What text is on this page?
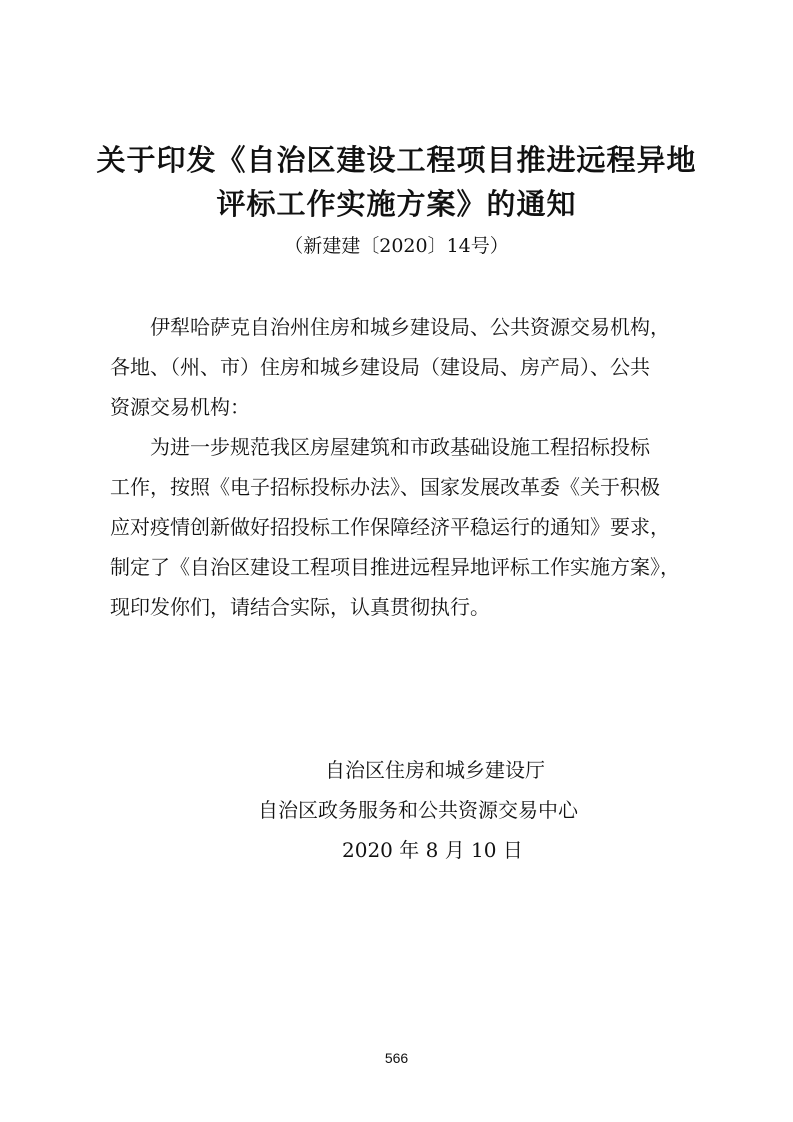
关于印发《自治区建设工程项目推进远程异地
评标工作实施方案》的通知
（新建建〔2020〕14号）
伊犁哈萨克自治州住房和城乡建设局、公共资源交易机构，
各地、（州、市）住房和城乡建设局（建设局、房产局）、公共
资源交易机构：
为进一步规范我区房屋建筑和市政基础设施工程招标投标
工作，按照《电子招标投标办法》、国家发展改革委《关于积极
应对疫情创新做好招投标工作保障经济平稳运行的通知》要求，
制定了《自治区建设工程项目推进远程异地评标工作实施方案》，
现印发你们，请结合实际，认真贯彻执行。
自治区住房和城乡建设厅
自治区政务服务和公共资源交易中心
2020 年 8 月 10 日
566
